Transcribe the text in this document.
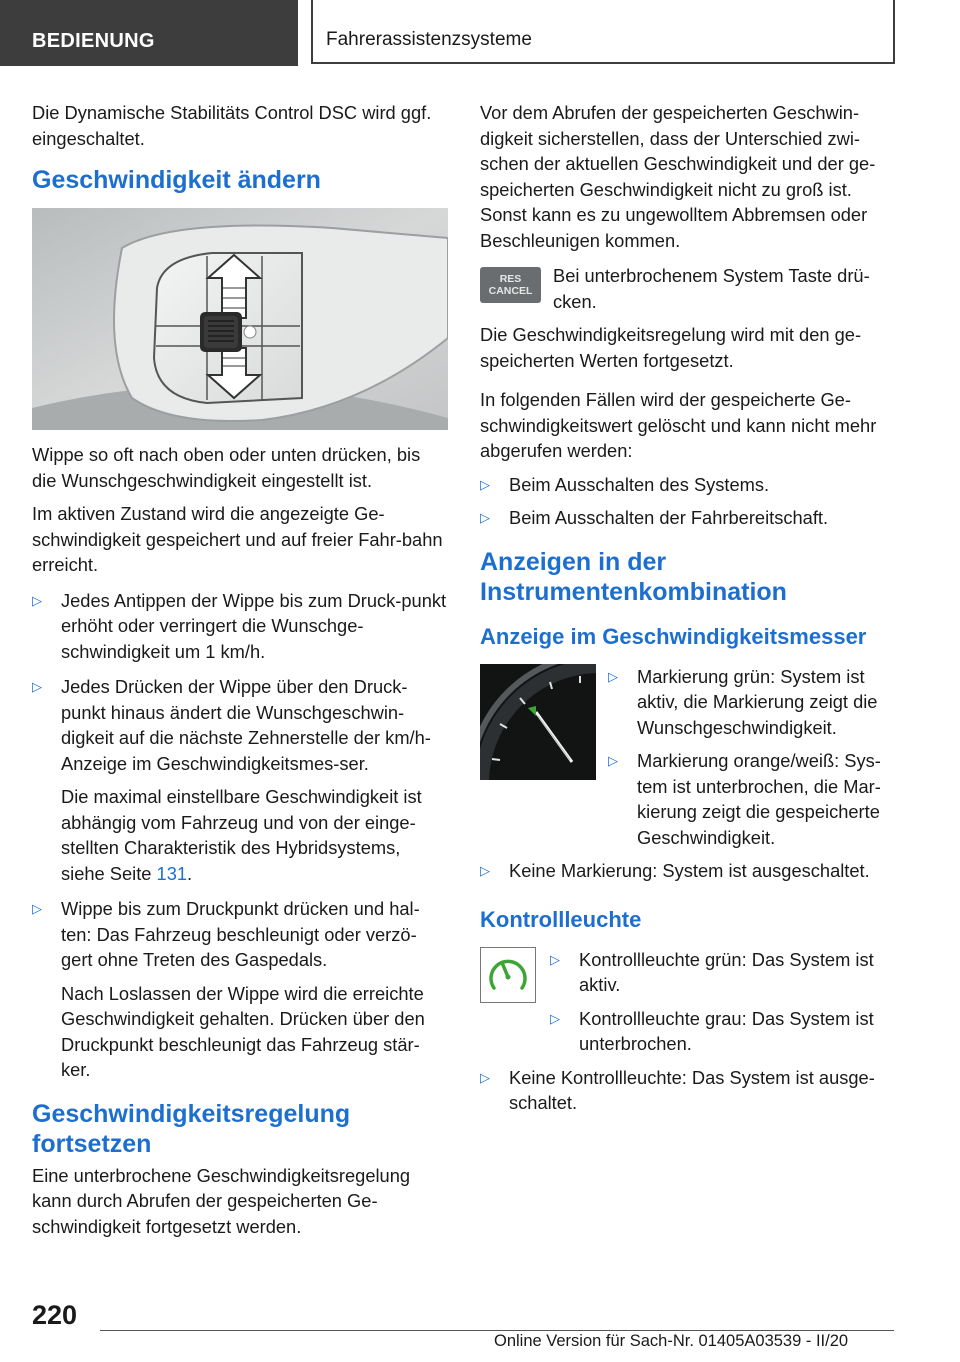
BEDIENUNG	Fahrerassistenzsysteme

Die Dynamische Stabilitäts Control DSC wird ggf. eingeschaltet.

Geschwindigkeit ändern

Wippe so oft nach oben oder unten drücken, bis die Wunschgeschwindigkeit eingestellt ist.

Im aktiven Zustand wird die angezeigte Ge-schwindigkeit gespeichert und auf freier Fahr-bahn erreicht.

▷ Jedes Antippen der Wippe bis zum Druck-punkt erhöht oder verringert die Wunschge-schwindigkeit um 1 km/h.
▷ Jedes Drücken der Wippe über den Druck-punkt hinaus ändert die Wunschgeschwin-digkeit auf die nächste Zehnerstelle der km/h-Anzeige im Geschwindigkeitsmes-ser.
Die maximal einstellbare Geschwindigkeit ist abhängig vom Fahrzeug und von der einge-stellten Charakteristik des Hybridsystems, siehe Seite 131.
▷ Wippe bis zum Druckpunkt drücken und hal-ten: Das Fahrzeug beschleunigt oder verzö-gert ohne Treten des Gaspedals.
Nach Loslassen der Wippe wird die erreichte Geschwindigkeit gehalten. Drücken über den Druckpunkt beschleunigt das Fahrzeug stär-ker.
Geschwindigkeitsregelung fortsetzen

Eine unterbrochene Geschwindigkeitsregelung kann durch Abrufen der gespeicherten Ge-schwindigkeit fortgesetzt werden.

Vor dem Abrufen der gespeicherten Geschwin-digkeit sicherstellen, dass der Unterschied zwi-schen der aktuellen Geschwindigkeit und der ge-speicherten Geschwindigkeit nicht zu groß ist. Sonst kann es zu ungewolltem Abbremsen oder Beschleunigen kommen.

RES
CANCEL

Bei unterbrochenem System Taste drü-cken.

Die Geschwindigkeitsregelung wird mit den ge-speicherten Werten fortgesetzt.

In folgenden Fällen wird der gespeicherte Ge-schwindigkeitswert gelöscht und kann nicht mehr abgerufen werden:

▷ Beim Ausschalten des Systems.
▷ Beim Ausschalten der Fahrbereitschaft.
Anzeigen in der Instrumentenkombination
Anzeige im Geschwindigkeitsmesser
▷ Markierung grün: System ist aktiv, die Markierung zeigt die Wunschgeschwindigkeit.
▷ Markierung orange/weiß: Sys-tem ist unterbrochen, die Mar-kierung zeigt die gespeicherte Geschwindigkeit.
▷ Keine Markierung: System ist ausgeschaltet.
Kontrollleuchte
▷ Kontrollleuchte grün: Das System ist aktiv.
▷ Kontrollleuchte grau: Das System ist unterbrochen.
▷ Keine Kontrollleuchte: Das System ist ausge-schaltet.
220
Online Version für Sach-Nr. 01405A03539 - II/20
